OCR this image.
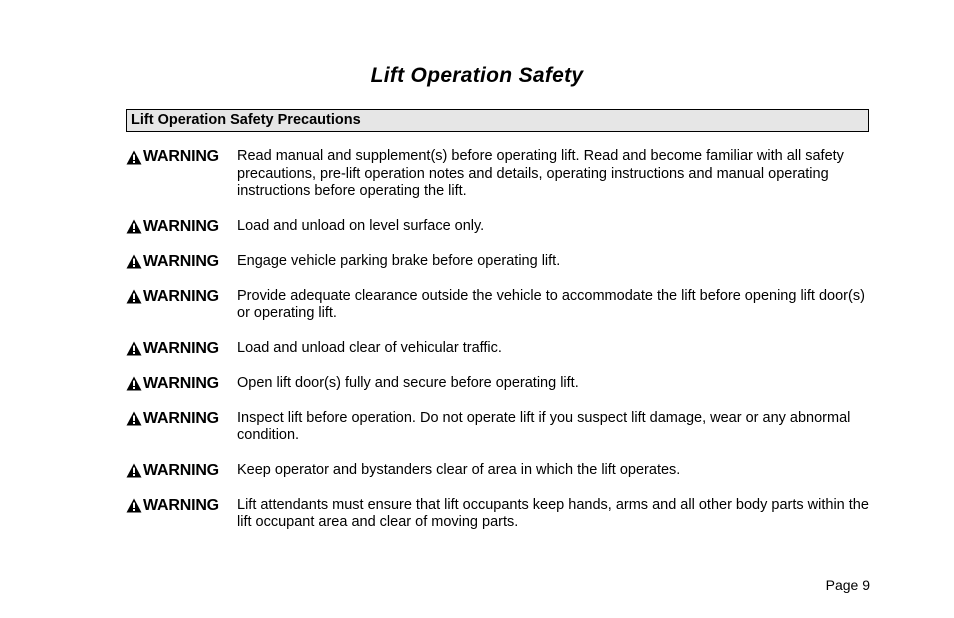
Lift Operation Safety
Lift Operation Safety Precautions
WARNING Read manual and supplement(s) before operating lift. Read and become familiar with all safety precautions, pre-lift operation notes and details, operating instructions and manual operating instructions before operating the lift.
WARNING Load and unload on level surface only.
WARNING Engage vehicle parking brake before operating lift.
WARNING Provide adequate clearance outside the vehicle to accommodate the lift before opening lift door(s) or operating lift.
WARNING Load and unload clear of vehicular traffic.
WARNING Open lift door(s) fully and secure before operating lift.
WARNING Inspect lift before operation. Do not operate lift if you suspect lift damage, wear or any abnormal condition.
WARNING Keep operator and bystanders clear of area in which the lift operates.
WARNING Lift attendants must ensure that lift occupants keep hands, arms and all other body parts within the lift occupant area and clear of moving parts.
Page 9
